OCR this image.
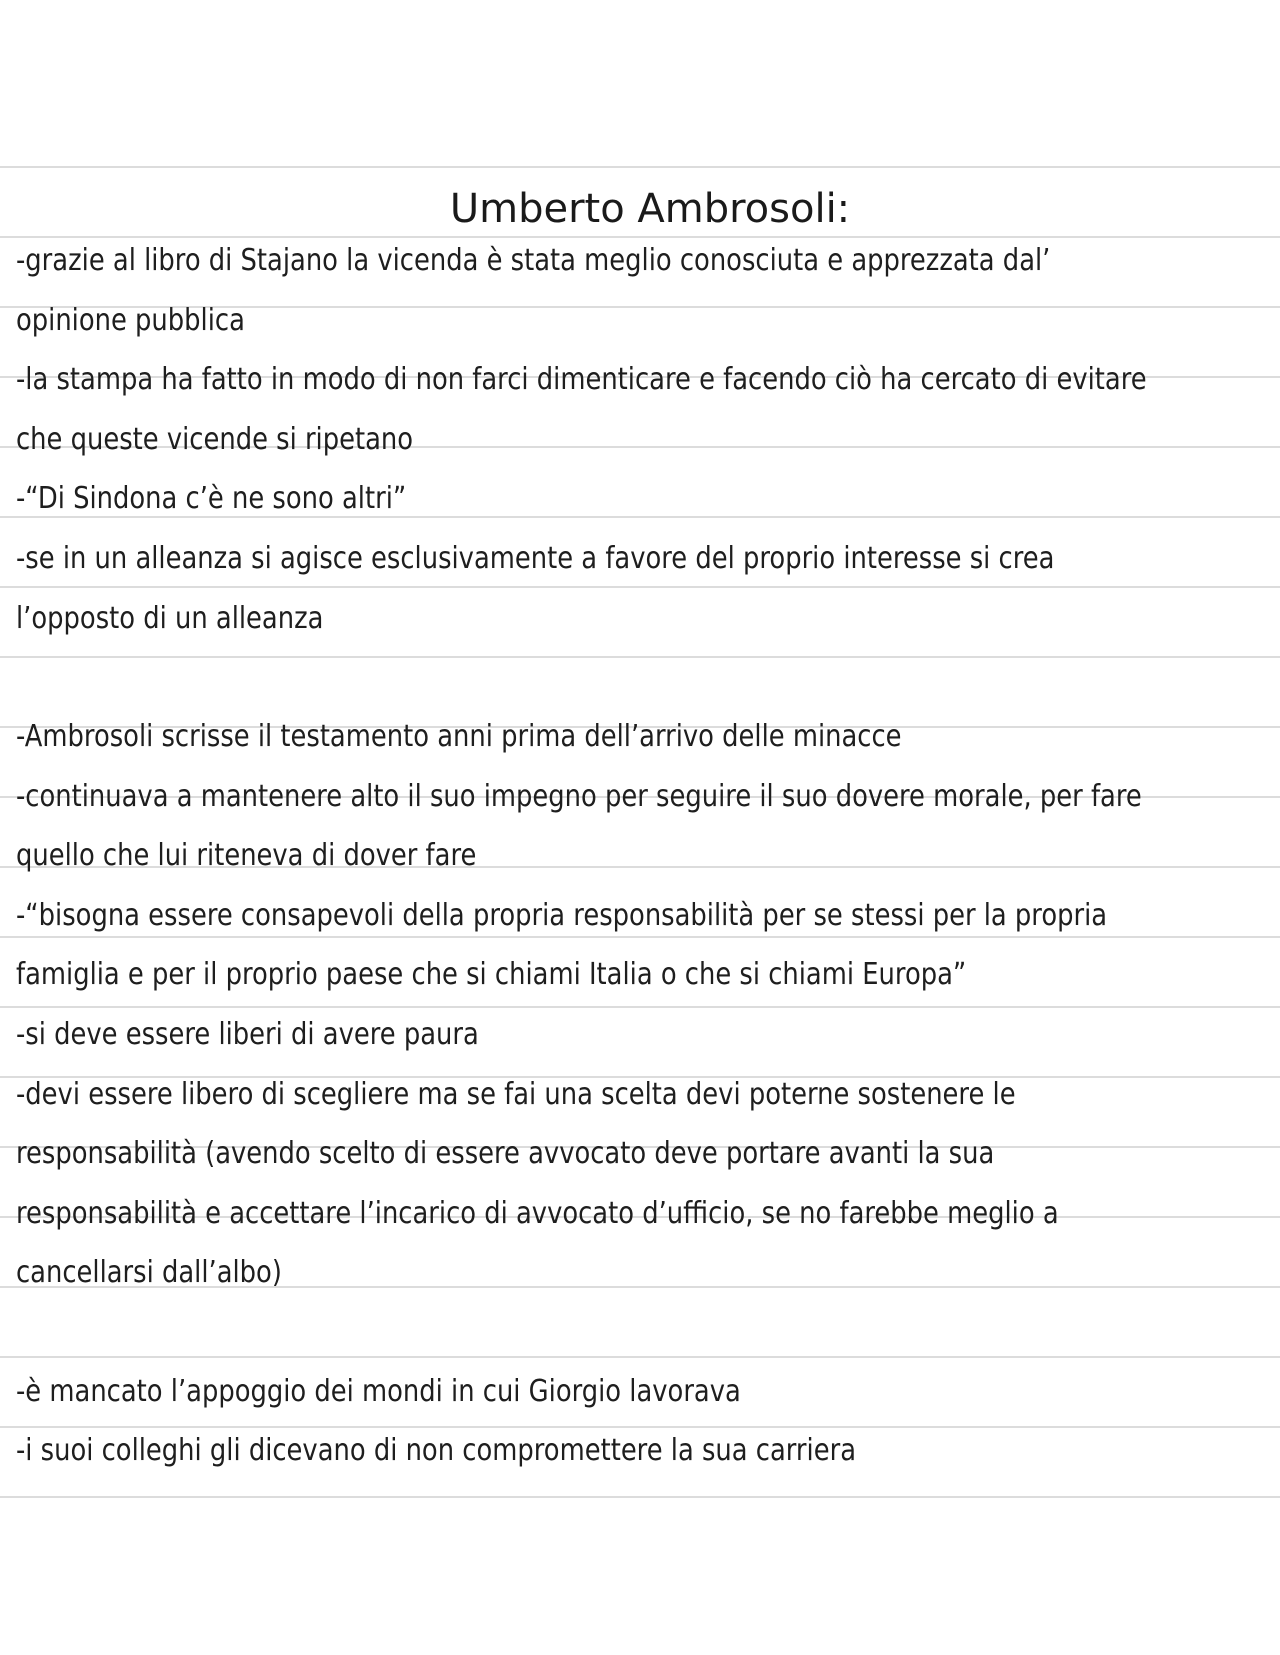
Umberto Ambrosoli:
-grazie al libro di Stajano la vicenda è stata meglio conosciuta e apprezzata dal’
opinione pubblica
-la stampa ha fatto in modo di non farci dimenticare e facendo ciò ha cercato di evitare
che queste vicende si ripetano
-“Di Sindona c’è ne sono altri”
-se in un alleanza si agisce esclusivamente a favore del proprio interesse si crea
l’opposto di un alleanza
-Ambrosoli scrisse il testamento anni prima dell’arrivo delle minacce
-continuava a mantenere alto il suo impegno per seguire il suo dovere morale, per fare
quello che lui riteneva di dover fare
-“bisogna essere consapevoli della propria responsabilità per se stessi per la propria
famiglia e per il proprio paese che si chiami Italia o che si chiami Europa”
-si deve essere liberi di avere paura
-devi essere libero di scegliere ma se fai una scelta devi poterne sostenere le
responsabilità (avendo scelto di essere avvocato deve portare avanti la sua
responsabilità e accettare l’incarico di avvocato d’ufficio, se no farebbe meglio a
cancellarsi dall’albo)
-è mancato l’appoggio dei mondi in cui Giorgio lavorava
-i suoi colleghi gli dicevano di non compromettere la sua carriera
